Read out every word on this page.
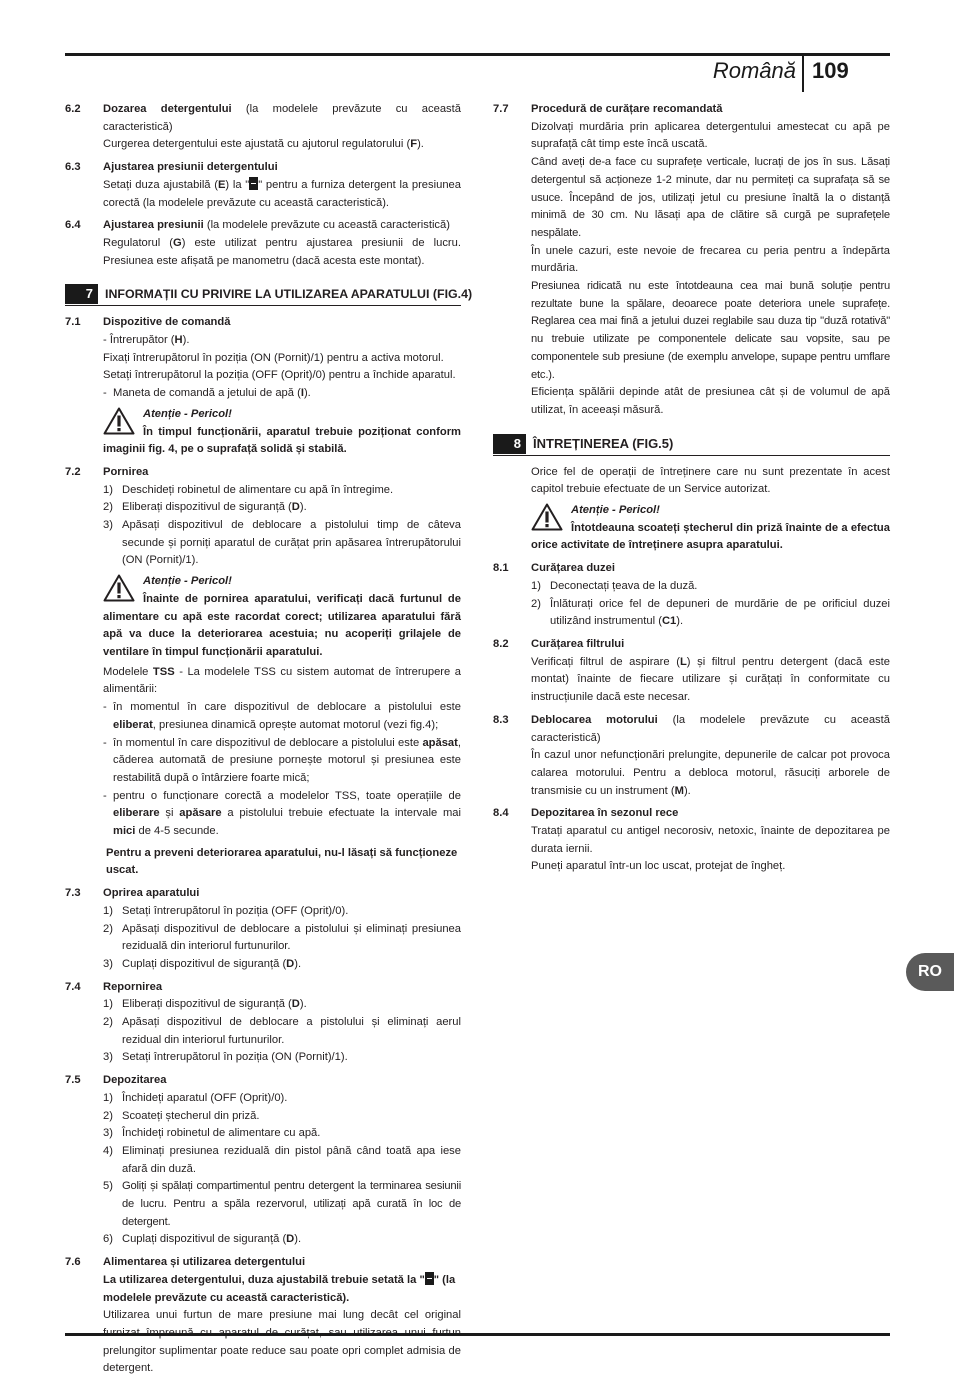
Română 109
6.2 Dozarea detergentului (la modelele prevăzute cu această caracteristică)
Curgerea detergentului este ajustată cu ajutorul regulatorului (F).
6.3 Ajustarea presiunii detergentului
Setați duza ajustabilă (E) la " " pentru a furniza detergent la presiunea corectă (la modelele prevăzute cu această caracteristică).
6.4 Ajustarea presiunii (la modelele prevăzute cu această caracteristică)
Regulatorul (G) este utilizat pentru ajustarea presiunii de lucru. Presiunea este afișată pe manometru (dacă acesta este montat).
7 INFORMAȚII CU PRIVIRE LA UTILIZAREA APARATULUI (FIG.4)
7.1 Dispozitive de comandă
- Întrerupător (H).
Fixați întrerupătorul în poziția (ON (Pornit)/1) pentru a activa motorul.
Setați întrerupătorul la poziția (OFF (Oprit)/0) pentru a închide aparatul.
- Maneta de comandă a jetului de apă (I).
Atenție - Pericol!
În timpul funcționării, aparatul trebuie poziționat conform imaginii fig. 4, pe o suprafață solidă și stabilă.
7.2 Pornirea
1) Deschideți robinetul de alimentare cu apă în întregime.
2) Eliberați dispozitivul de siguranță (D).
3) Apăsați dispozitivul de deblocare a pistolului timp de câteva secunde și porniți aparatul de curățat prin apăsarea întrerupătorului (ON (Pornit)/1).
Atenție - Pericol!
Înainte de pornirea aparatului, verificați dacă furtunul de alimentare cu apă este racordat corect; utilizarea aparatului fără apă va duce la deteriorarea acestuia; nu acoperiți grilajele de ventilare în timpul funcționării aparatului.
Modelele TSS - La modelele TSS cu sistem automat de întrerupere a alimentării:
- în momentul în care dispozitivul de deblocare a pistolului este eliberat, presiunea dinamică oprește automat motorul (vezi fig.4);
- în momentul în care dispozitivul de deblocare a pistolului este apăsat, căderea automată de presiune pornește motorul și presiunea este restabilită după o întârziere foarte mică;
- pentru o funcționare corectă a modelelor TSS, toate operațiile de eliberare și apăsare a pistolului trebuie efectuate la intervale mai mici de 4-5 secunde.
Pentru a preveni deteriorarea aparatului, nu-l lăsați să funcționeze uscat.
7.3 Oprirea aparatului
1) Setați întrerupătorul în poziția (OFF (Oprit)/0).
2) Apăsați dispozitivul de deblocare a pistolului și eliminați presiunea reziduală din interiorul furtunurilor.
3) Cuplați dispozitivul de siguranță (D).
7.4 Repornirea
1) Eliberați dispozitivul de siguranță (D).
2) Apăsați dispozitivul de deblocare a pistolului și eliminați aerul rezidual din interiorul furtunurilor.
3) Setați întrerupătorul în poziția (ON (Pornit)/1).
7.5 Depozitarea
1) Închideți aparatul (OFF (Oprit)/0).
2) Scoateți ștecherul din priză.
3) Închideți robinetul de alimentare cu apă.
4) Eliminați presiunea reziduală din pistol până când toată apa iese afară din duză.
5) Goliți și spălați compartimentul pentru detergent la terminarea sesiunii de lucru. Pentru a spăla rezervorul, utilizați apă curată în loc de detergent.
6) Cuplați dispozitivul de siguranță (D).
7.6 Alimentarea și utilizarea detergentului
La utilizarea detergentului, duza ajustabilă trebuie setată la " " (la modelele prevăzute cu această caracteristică).
Utilizarea unui furtun de mare presiune mai lung decât cel original prelungitor suplimentar poate reduce sau poate opri complet admisia de detergent.
7.7 Procedură de curățare recomandată
Dizolvați murdăria prin aplicarea detergentului amestecat cu apă pe suprafață cât timp este încă uscată.
Când aveți de-a face cu suprafețe verticale, lucrați de jos în sus. Lăsați detergentul să acționeze 1-2 minute, dar nu permiteți ca suprafața să se usuce. Începând de jos, utilizați jetul cu presiune înaltă la o distanță minimă de 30 cm. Nu lăsați apa de clătire să curgă pe suprafețele nespălate.
În unele cazuri, este nevoie de frecarea cu peria pentru a îndepărta murdăria.
Presiunea ridicată nu este întotdeauna cea mai bună soluție pentru rezultate bune la spălare, deoarece poate deteriora unele suprafețe. Reglarea cea mai fină a jetului duzei reglabile sau duza tip "duză rotativă" nu trebuie utilizate pe componentele delicate sau vopsite, sau pe componentele sub presiune (de exemplu anvelope, supape pentru umflare etc.).
Eficiența spălării depinde atât de presiunea cât și de volumul de apă utilizat, în aceeași măsură.
8 ÎNTREȚINEREA (FIG.5)
Orice fel de operații de întreținere care nu sunt prezentate în acest capitol trebuie efectuate de un Service autorizat.
Atenție - Pericol!
Întotdeauna scoateți ștecherul din priză înainte de a efectua orice activitate de întreținere asupra aparatului.
8.1 Curățarea duzei
1) Deconectați țeava de la duză.
2) Înlăturați orice fel de depuneri de murdărie de pe orificiul duzei utilizând instrumentul (C1).
8.2 Curățarea filtrului
Verificați filtrul de aspirare (L) și filtrul pentru detergent (dacă este montat) înainte de fiecare utilizare și curățați în conformitate cu instrucțiunile dacă este necesar.
8.3 Deblocarea motorului (la modelele prevăzute cu această caracteristică)
În cazul unor nefuncționări prelungite, depunerile de calcar pot provoca calarea motorului. Pentru a debloca motorul, răsuciți arborele de transmisie cu un instrument (M).
8.4 Depozitarea în sezonul rece
Tratați aparatul cu antigel necorosiv, netoxic, înainte de depozitarea pe durata iernii.
Puneți aparatul într-un loc uscat, protejat de îngheț.
RO
